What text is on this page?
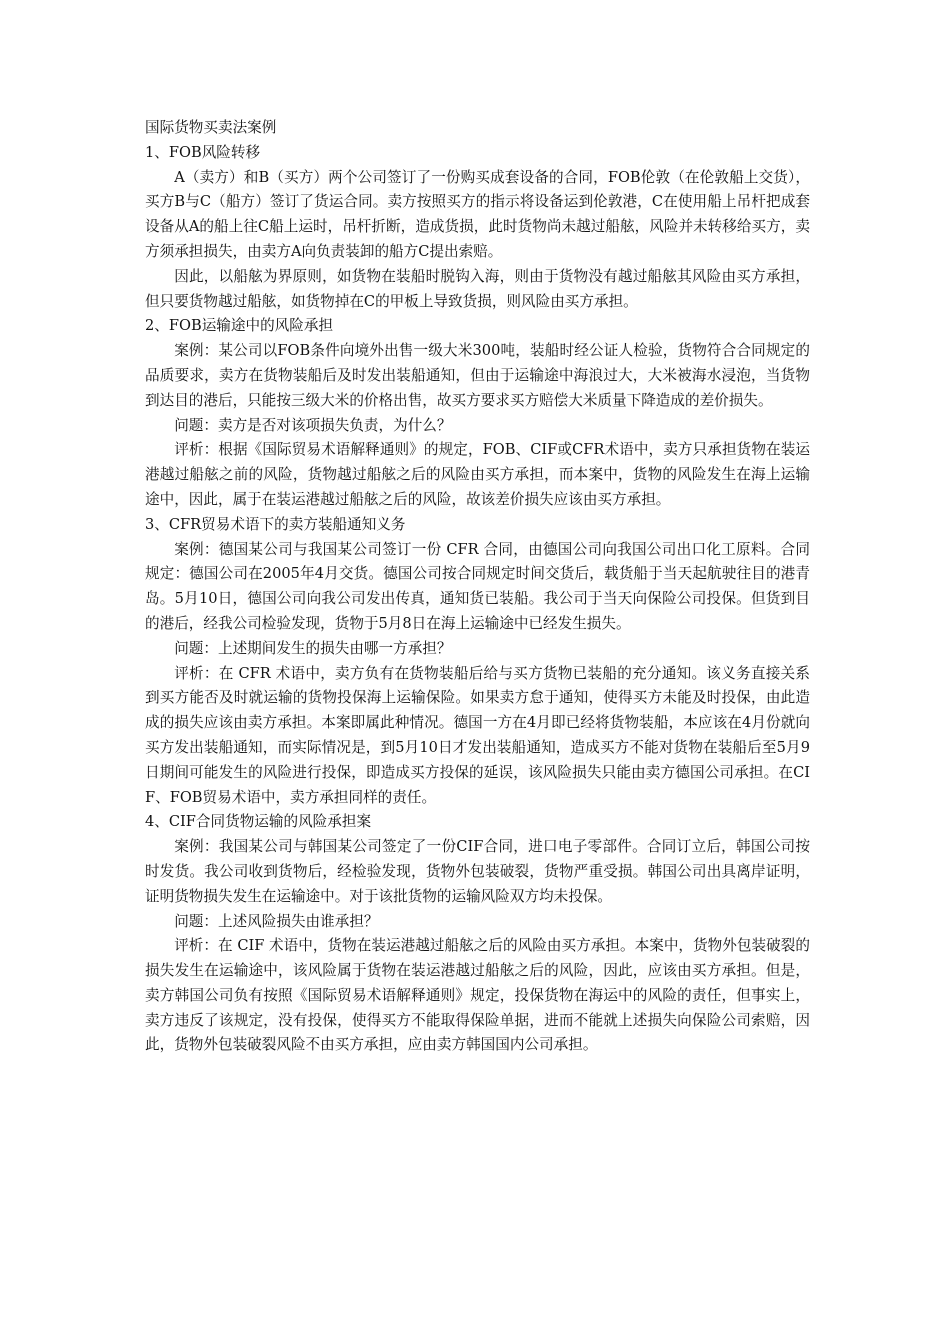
国际货物买卖法案例

1、FOB风险转移

A（卖方）和B（买方）两个公司签订了一份购买成套设备的合同，FOB伦敦（在伦敦船上交货），买方B与C（船方）签订了货运合同。卖方按照买方的指示将设备运到伦敦港，C在使用船上吊杆把成套设备从A的船上往C船上运时，吊杆折断，造成货损，此时货物尚未越过船舷，风险并未转移给买方，卖方须承担损失，由卖方A向负责装卸的船方C提出索赔。

因此，以船舷为界原则，如货物在装船时脱钩入海，则由于货物没有越过船舷其风险由买方承担，但只要货物越过船舷，如货物掉在C的甲板上导致货损，则风险由买方承担。

2、FOB运输途中的风险承担

案例：某公司以FOB条件向境外出售一级大米300吨，装船时经公证人检验，货物符合合同规定的品质要求，卖方在货物装船后及时发出装船通知，但由于运输途中海浪过大，大米被海水浸泡，当货物到达目的港后，只能按三级大米的价格出售，故买方要求买方赔偿大米质量下降造成的差价损失。

问题：卖方是否对该项损失负责，为什么？

评析：根据《国际贸易术语解释通则》的规定，FOB、CIF或CFR术语中，卖方只承担货物在装运港越过船舷之前的风险，货物越过船舷之后的风险由买方承担，而本案中，货物的风险发生在海上运输途中，因此，属于在装运港越过船舷之后的风险，故该差价损失应该由买方承担。

3、CFR贸易术语下的卖方装船通知义务

案例：德国某公司与我国某公司签订一份 CFR 合同，由德国公司向我国公司出口化工原料。合同规定：德国公司在2005年4月交货。德国公司按合同规定时间交货后，载货船于当天起航驶往目的港青岛。5月10日，德国公司向我公司发出传真，通知货已装船。我公司于当天向保险公司投保。但货到目的港后，经我公司检验发现，货物于5月8日在海上运输途中已经发生损失。

问题：上述期间发生的损失由哪一方承担？

评析：在 CFR 术语中，卖方负有在货物装船后给与买方货物已装船的充分通知。该义务直接关系到买方能否及时就运输的货物投保海上运输保险。如果卖方怠于通知，使得买方未能及时投保，由此造成的损失应该由卖方承担。本案即属此种情况。德国一方在4月即已经将货物装船，本应该在4月份就向买方发出装船通知，而实际情况是，到5月10日才发出装船通知，造成买方不能对货物在装船后至5月9日期间可能发生的风险进行投保，即造成买方投保的延误，该风险损失只能由卖方德国公司承担。在CIF、FOB贸易术语中，卖方承担同样的责任。

4、CIF合同货物运输的风险承担案

案例：我国某公司与韩国某公司签定了一份CIF合同，进口电子零部件。合同订立后，韩国公司按时发货。我公司收到货物后，经检验发现，货物外包装破裂，货物严重受损。韩国公司出具离岸证明，证明货物损失发生在运输途中。对于该批货物的运输风险双方均未投保。

问题：上述风险损失由谁承担？

评析：在 CIF 术语中，货物在装运港越过船舷之后的风险由买方承担。本案中，货物外包装破裂的损失发生在运输途中，该风险属于货物在装运港越过船舷之后的风险，因此，应该由买方承担。但是，卖方韩国公司负有按照《国际贸易术语解释通则》规定，投保货物在海运中的风险的责任，但事实上，卖方违反了该规定，没有投保，使得买方不能取得保险单据，进而不能就上述损失向保险公司索赔，因此，货物外包装破裂风险不由买方承担，应由卖方韩国国内公司承担。
